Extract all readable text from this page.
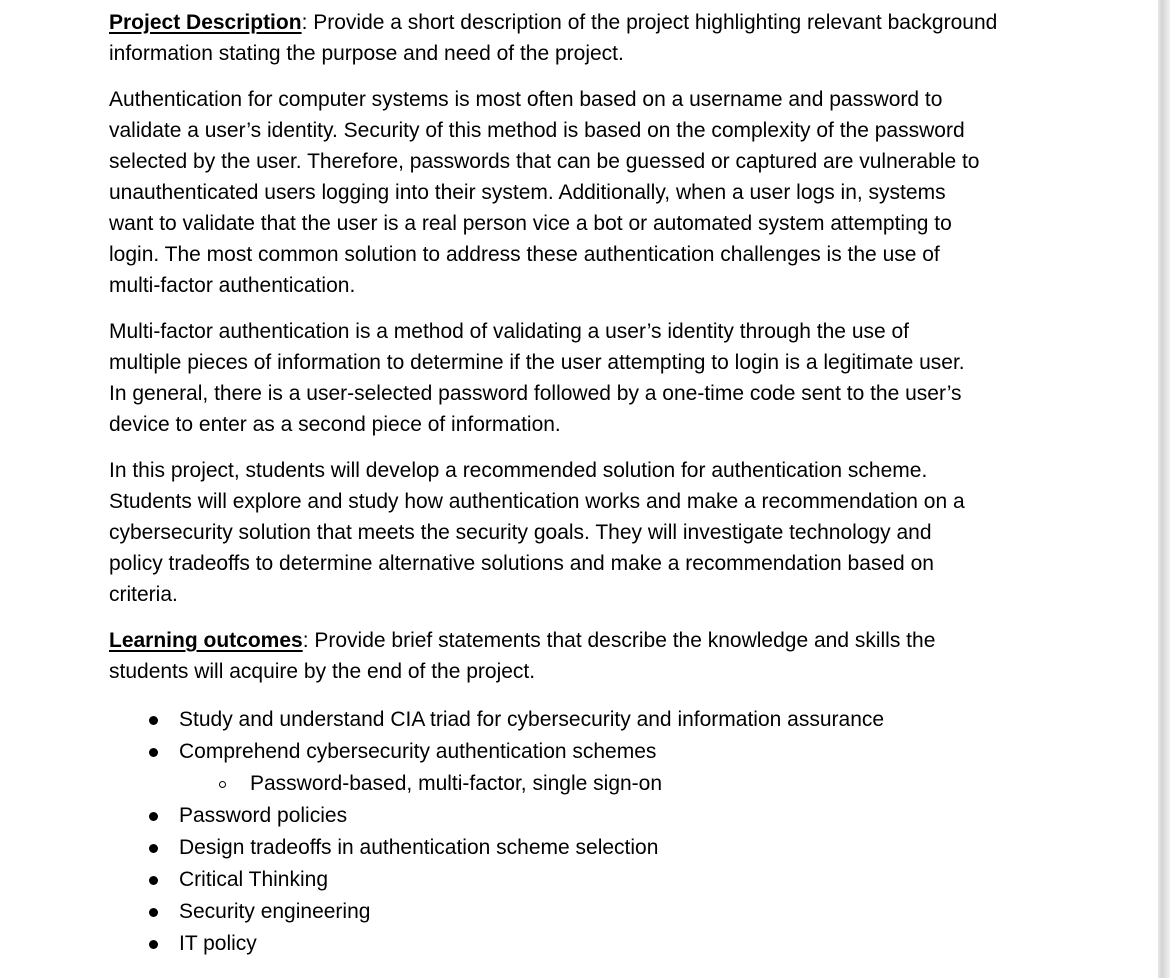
Project Description: Provide a short description of the project highlighting relevant background
information stating the purpose and need of the project.

Authentication for computer systems is most often based on a username and password to
validate a user’s identity. Security of this method is based on the complexity of the password
selected by the user. Therefore, passwords that can be guessed or captured are vulnerable to
unauthenticated users logging into their system. Additionally, when a user logs in, systems
want to validate that the user is a real person vice a bot or automated system attempting to
login. The most common solution to address these authentication challenges is the use of
multi-factor authentication.

Multi-factor authentication is a method of validating a user’s identity through the use of
multiple pieces of information to determine if the user attempting to login is a legitimate user.
In general, there is a user-selected password followed by a one-time code sent to the user’s
device to enter as a second piece of information.

In this project, students will develop a recommended solution for authentication scheme.
Students will explore and study how authentication works and make a recommendation on a
cybersecurity solution that meets the security goals. They will investigate technology and
policy tradeoffs to determine alternative solutions and make a recommendation based on
criteria.

Learning outcomes: Provide brief statements that describe the knowledge and skills the
students will acquire by the end of the project.

Study and understand CIA triad for cybersecurity and information assurance
Comprehend cybersecurity authentication schemes
Password-based, multi-factor, single sign-on
Password policies
Design tradeoffs in authentication scheme selection
Critical Thinking
Security engineering
IT policy
